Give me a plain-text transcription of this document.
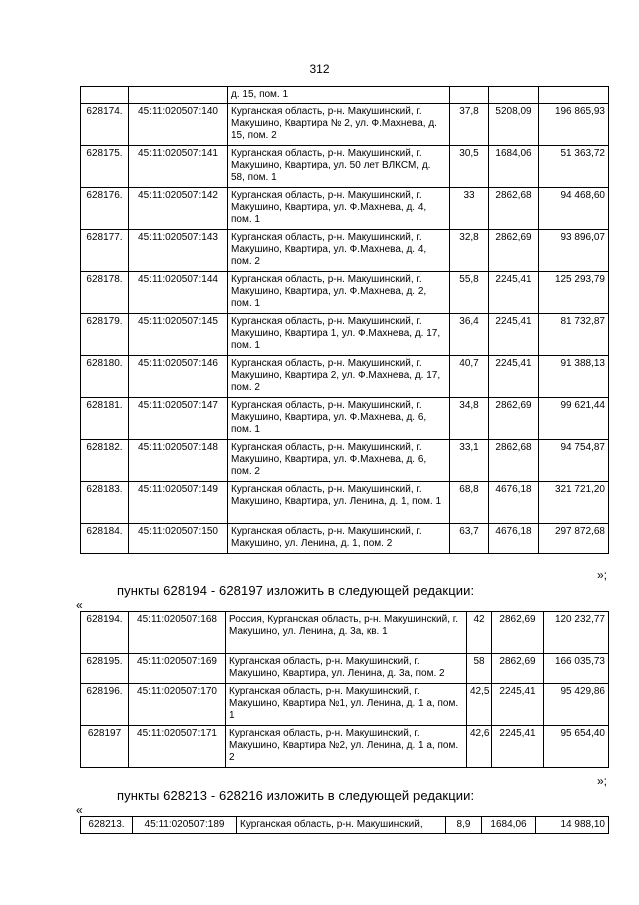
312
		д. 15, пом. 1			
628174.	45:11:020507:140	Курганская область, р-н. Макушинский, г. Макушино, Квартира № 2, ул. Ф.Махнева, д. 15, пом. 2	37,8	5208,09	196 865,93
628175.	45:11:020507:141	Курганская область, р-н. Макушинский, г. Макушино, Квартира, ул. 50 лет ВЛКСМ, д. 58, пом. 1	30,5	1684,06	51 363,72
628176.	45:11:020507:142	Курганская область, р-н. Макушинский, г. Макушино, Квартира, ул. Ф.Махнева, д. 4, пом. 1	33	2862,68	94 468,60
628177.	45:11:020507:143	Курганская область, р-н. Макушинский, г. Макушино, Квартира, ул. Ф.Махнева, д. 4, пом. 2	32,8	2862,69	93 896,07
628178.	45:11:020507:144	Курганская область, р-н. Макушинский, г. Макушино, Квартира, ул. Ф.Махнева, д. 2, пом. 1	55,8	2245,41	125 293,79
628179.	45:11:020507:145	Курганская область, р-н. Макушинский, г. Макушино, Квартира 1, ул. Ф.Махнева, д. 17, пом. 1	36,4	2245,41	81 732,87
628180.	45:11:020507:146	Курганская область, р-н. Макушинский, г. Макушино, Квартира 2, ул. Ф.Махнева, д. 17, пом. 2	40,7	2245,41	91 388,13
628181.	45:11:020507:147	Курганская область, р-н. Макушинский, г. Макушино, Квартира, ул. Ф.Махнева, д. 6, пом. 1	34,8	2862,69	99 621,44
628182.	45:11:020507:148	Курганская область, р-н. Макушинский, г. Макушино, Квартира, ул. Ф.Махнева, д. 6, пом. 2	33,1	2862,68	94 754,87
628183.	45:11:020507:149	Курганская область, р-н. Макушинский, г. Макушино, Квартира, ул. Ленина, д. 1, пом. 1	68,8	4676,18	321 721,20
628184.	45:11:020507:150	Курганская область, р-н. Макушинский, г. Макушино, ул. Ленина, д. 1, пом. 2	63,7	4676,18	297 872,68
»;
пункты 628194 - 628197 изложить в следующей редакции:
«
628194.	45:11:020507:168	Россия, Курганская область, р-н. Макушинский, г. Макушино, ул. Ленина, д. 3а, кв. 1	42	2862,69	120 232,77
628195.	45:11:020507:169	Курганская область, р-н. Макушинский, г. Макушино, Квартира, ул. Ленина, д. 3а, пом. 2	58	2862,69	166 035,73
628196.	45:11:020507:170	Курганская область, р-н. Макушинский, г. Макушино, Квартира №1, ул. Ленина, д. 1 а, пом. 1	42,5	2245,41	95 429,86
628197	45:11:020507:171	Курганская область, р-н. Макушинский, г. Макушино, Квартира №2, ул. Ленина, д. 1 а, пом. 2	42,6	2245,41	95 654,40
»;
пункты 628213 - 628216 изложить в следующей редакции:
«
628213.	45:11:020507:189	Курганская область, р-н. Макушинский,	8,9	1684,06	14 988,10
